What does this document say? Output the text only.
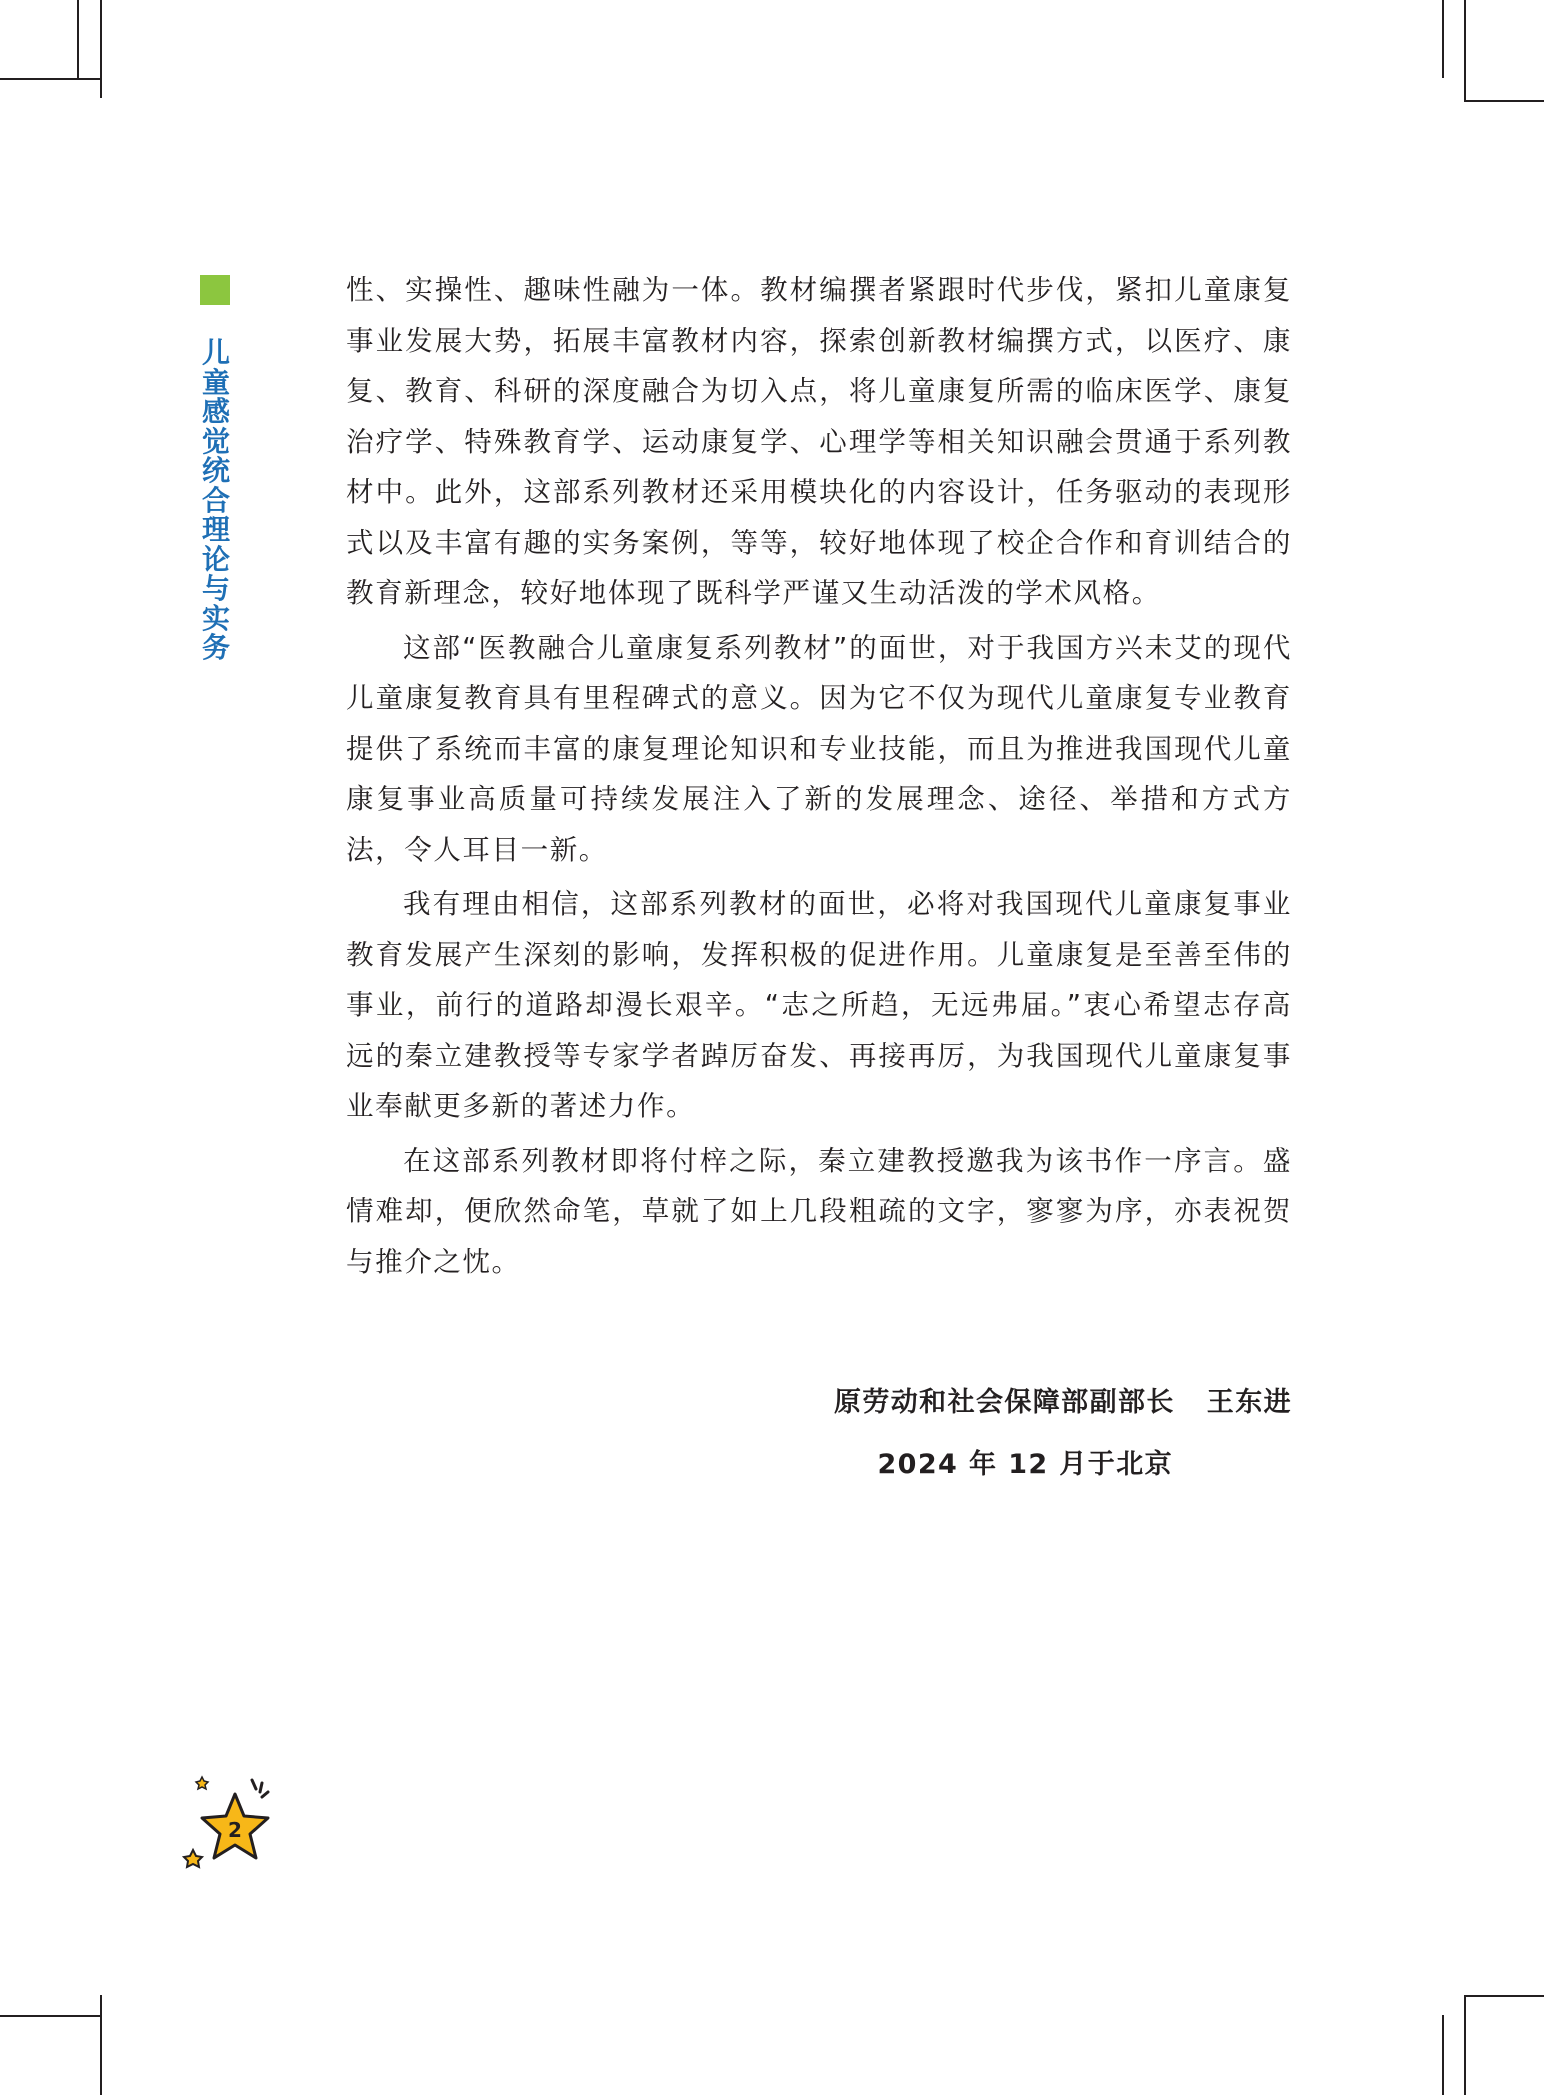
儿童感觉统合理论与实务

性、实操性、趣味性融为一体。教材编撰者紧跟时代步伐，紧扣儿童康复事业发展大势，拓展丰富教材内容，探索创新教材编撰方式，以医疗、康复、教育、科研的深度融合为切入点，将儿童康复所需的临床医学、康复治疗学、特殊教育学、运动康复学、心理学等相关知识融会贯通于系列教材中。此外，这部系列教材还采用模块化的内容设计，任务驱动的表现形式以及丰富有趣的实务案例，等等，较好地体现了校企合作和育训结合的教育新理念，较好地体现了既科学严谨又生动活泼的学术风格。

这部“医教融合儿童康复系列教材”的面世，对于我国方兴未艾的现代儿童康复教育具有里程碑式的意义。因为它不仅为现代儿童康复专业教育提供了系统而丰富的康复理论知识和专业技能，而且为推进我国现代儿童康复事业高质量可持续发展注入了新的发展理念、途径、举措和方式方法，令人耳目一新。

我有理由相信，这部系列教材的面世，必将对我国现代儿童康复事业教育发展产生深刻的影响，发挥积极的促进作用。儿童康复是至善至伟的事业，前行的道路却漫长艰辛。“志之所趋，无远弗届。”衷心希望志存高远的秦立建教授等专家学者踔厉奋发、再接再厉，为我国现代儿童康复事业奉献更多新的著述力作。

在这部系列教材即将付梓之际，秦立建教授邀我为该书作一序言。盛情难却，便欣然命笔，草就了如上几段粗疏的文字，寥寥为序，亦表祝贺与推介之忱。

原劳动和社会保障部副部长 王东进
2024 年 12 月于北京
2
